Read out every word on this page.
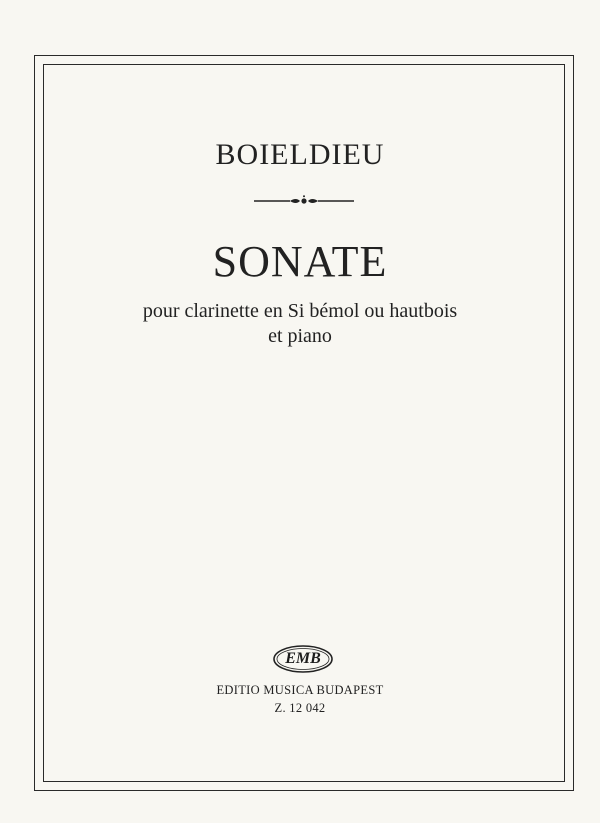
BOIELDIEU
SONATE
pour clarinette en Si bémol ou hautbois
et piano
EMB
EDITIO MUSICA BUDAPEST
Z. 12 042
